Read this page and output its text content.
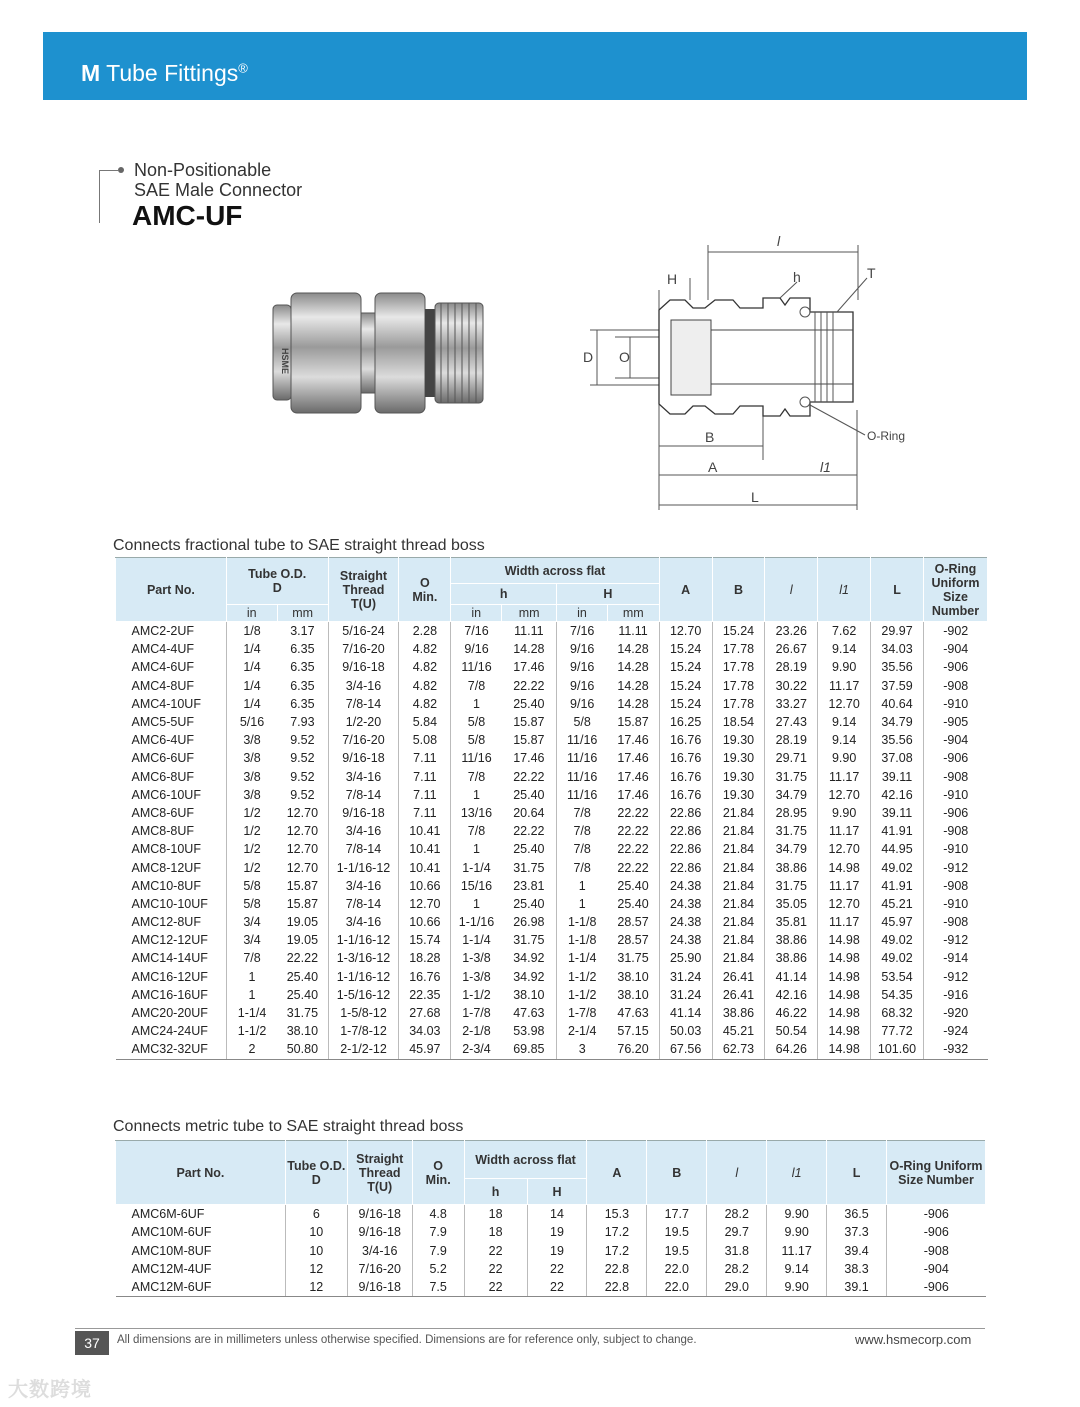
M Tube Fittings®
Non-Positionable
SAE Male Connector
AMC-UF
HSME
l
H	h	T
D O
B
A	l1
L
O-Ring
Connects fractional tube to SAE straight thread boss
Part No.	Tube O.D.
D		Straight Thread T(U)	O
Min.	Width across flat				A	B	l	l1	L	O-Ring Uniform Size Number
					h		H							
	in	mm			in	mm	in	mm						
AMC2-2UF	1/8	3.17	5/16-24	2.28	7/16	11.11	7/16	11.11	12.70	15.24	23.26	7.62	29.97	-902
AMC4-4UF	1/4	6.35	7/16-20	4.82	9/16	14.28	9/16	14.28	15.24	17.78	26.67	9.14	34.03	-904
AMC4-6UF	1/4	6.35	9/16-18	4.82	11/16	17.46	9/16	14.28	15.24	17.78	28.19	9.90	35.56	-906
AMC4-8UF	1/4	6.35	3/4-16	4.82	7/8	22.22	9/16	14.28	15.24	17.78	30.22	11.17	37.59	-908
AMC4-10UF	1/4	6.35	7/8-14	4.82	1	25.40	9/16	14.28	15.24	17.78	33.27	12.70	40.64	-910
AMC5-5UF	5/16	7.93	1/2-20	5.84	5/8	15.87	5/8	15.87	16.25	18.54	27.43	9.14	34.79	-905
AMC6-4UF	3/8	9.52	7/16-20	5.08	5/8	15.87	11/16	17.46	16.76	19.30	28.19	9.14	35.56	-904
AMC6-6UF	3/8	9.52	9/16-18	7.11	11/16	17.46	11/16	17.46	16.76	19.30	29.71	9.90	37.08	-906
AMC6-8UF	3/8	9.52	3/4-16	7.11	7/8	22.22	11/16	17.46	16.76	19.30	31.75	11.17	39.11	-908
AMC6-10UF	3/8	9.52	7/8-14	7.11	1	25.40	11/16	17.46	16.76	19.30	34.79	12.70	42.16	-910
AMC8-6UF	1/2	12.70	9/16-18	7.11	13/16	20.64	7/8	22.22	22.86	21.84	28.95	9.90	39.11	-906
AMC8-8UF	1/2	12.70	3/4-16	10.41	7/8	22.22	7/8	22.22	22.86	21.84	31.75	11.17	41.91	-908
AMC8-10UF	1/2	12.70	7/8-14	10.41	1	25.40	7/8	22.22	22.86	21.84	34.79	12.70	44.95	-910
AMC8-12UF	1/2	12.70	1-1/16-12	10.41	1-1/4	31.75	7/8	22.22	22.86	21.84	38.86	14.98	49.02	-912
AMC10-8UF	5/8	15.87	3/4-16	10.66	15/16	23.81	1	25.40	24.38	21.84	31.75	11.17	41.91	-908
AMC10-10UF	5/8	15.87	7/8-14	12.70	1	25.40	1	25.40	24.38	21.84	35.05	12.70	45.21	-910
AMC12-8UF	3/4	19.05	3/4-16	10.66	1-1/16	26.98	1-1/8	28.57	24.38	21.84	35.81	11.17	45.97	-908
AMC12-12UF	3/4	19.05	1-1/16-12	15.74	1-1/4	31.75	1-1/8	28.57	24.38	21.84	38.86	14.98	49.02	-912
AMC14-14UF	7/8	22.22	1-3/16-12	18.28	1-3/8	34.92	1-1/4	31.75	25.90	21.84	38.86	14.98	49.02	-914
AMC16-12UF	1	25.40	1-1/16-12	16.76	1-3/8	34.92	1-1/2	38.10	31.24	26.41	41.14	14.98	53.54	-912
AMC16-16UF	1	25.40	1-5/16-12	22.35	1-1/2	38.10	1-1/2	38.10	31.24	26.41	42.16	14.98	54.35	-916
AMC20-20UF	1-1/4	31.75	1-5/8-12	27.68	1-7/8	47.63	1-7/8	47.63	41.14	38.86	46.22	14.98	68.32	-920
AMC24-24UF	1-1/2	38.10	1-7/8-12	34.03	2-1/8	53.98	2-1/4	57.15	50.03	45.21	50.54	14.98	77.72	-924
AMC32-32UF	2	50.80	2-1/2-12	45.97	2-3/4	69.85	3	76.20	67.56	62.73	64.26	14.98	101.60	-932
Connects metric tube to SAE straight thread boss
Part No.	Tube O.D.
D	Straight Thread T(U)	O
Min.	Width across flat		A	B	l	l1	L	O-Ring Uniform Size Number
				h	H						
AMC6M-6UF	6	9/16-18	4.8	18	14	15.3	17.7	28.2	9.90	36.5	-906
AMC10M-6UF	10	9/16-18	7.9	18	19	17.2	19.5	29.7	9.90	37.3	-906
AMC10M-8UF	10	3/4-16	7.9	22	19	17.2	19.5	31.8	11.17	39.4	-908
AMC12M-4UF	12	7/16-20	5.2	22	22	22.8	22.0	28.2	9.14	38.3	-904
AMC12M-6UF	12	9/16-18	7.5	22	22	22.8	22.0	29.0	9.90	39.1	-906
37	All dimensions are in millimeters unless otherwise specified. Dimensions are for reference only, subject to change.	www.hsmecorp.com
大数跨境
